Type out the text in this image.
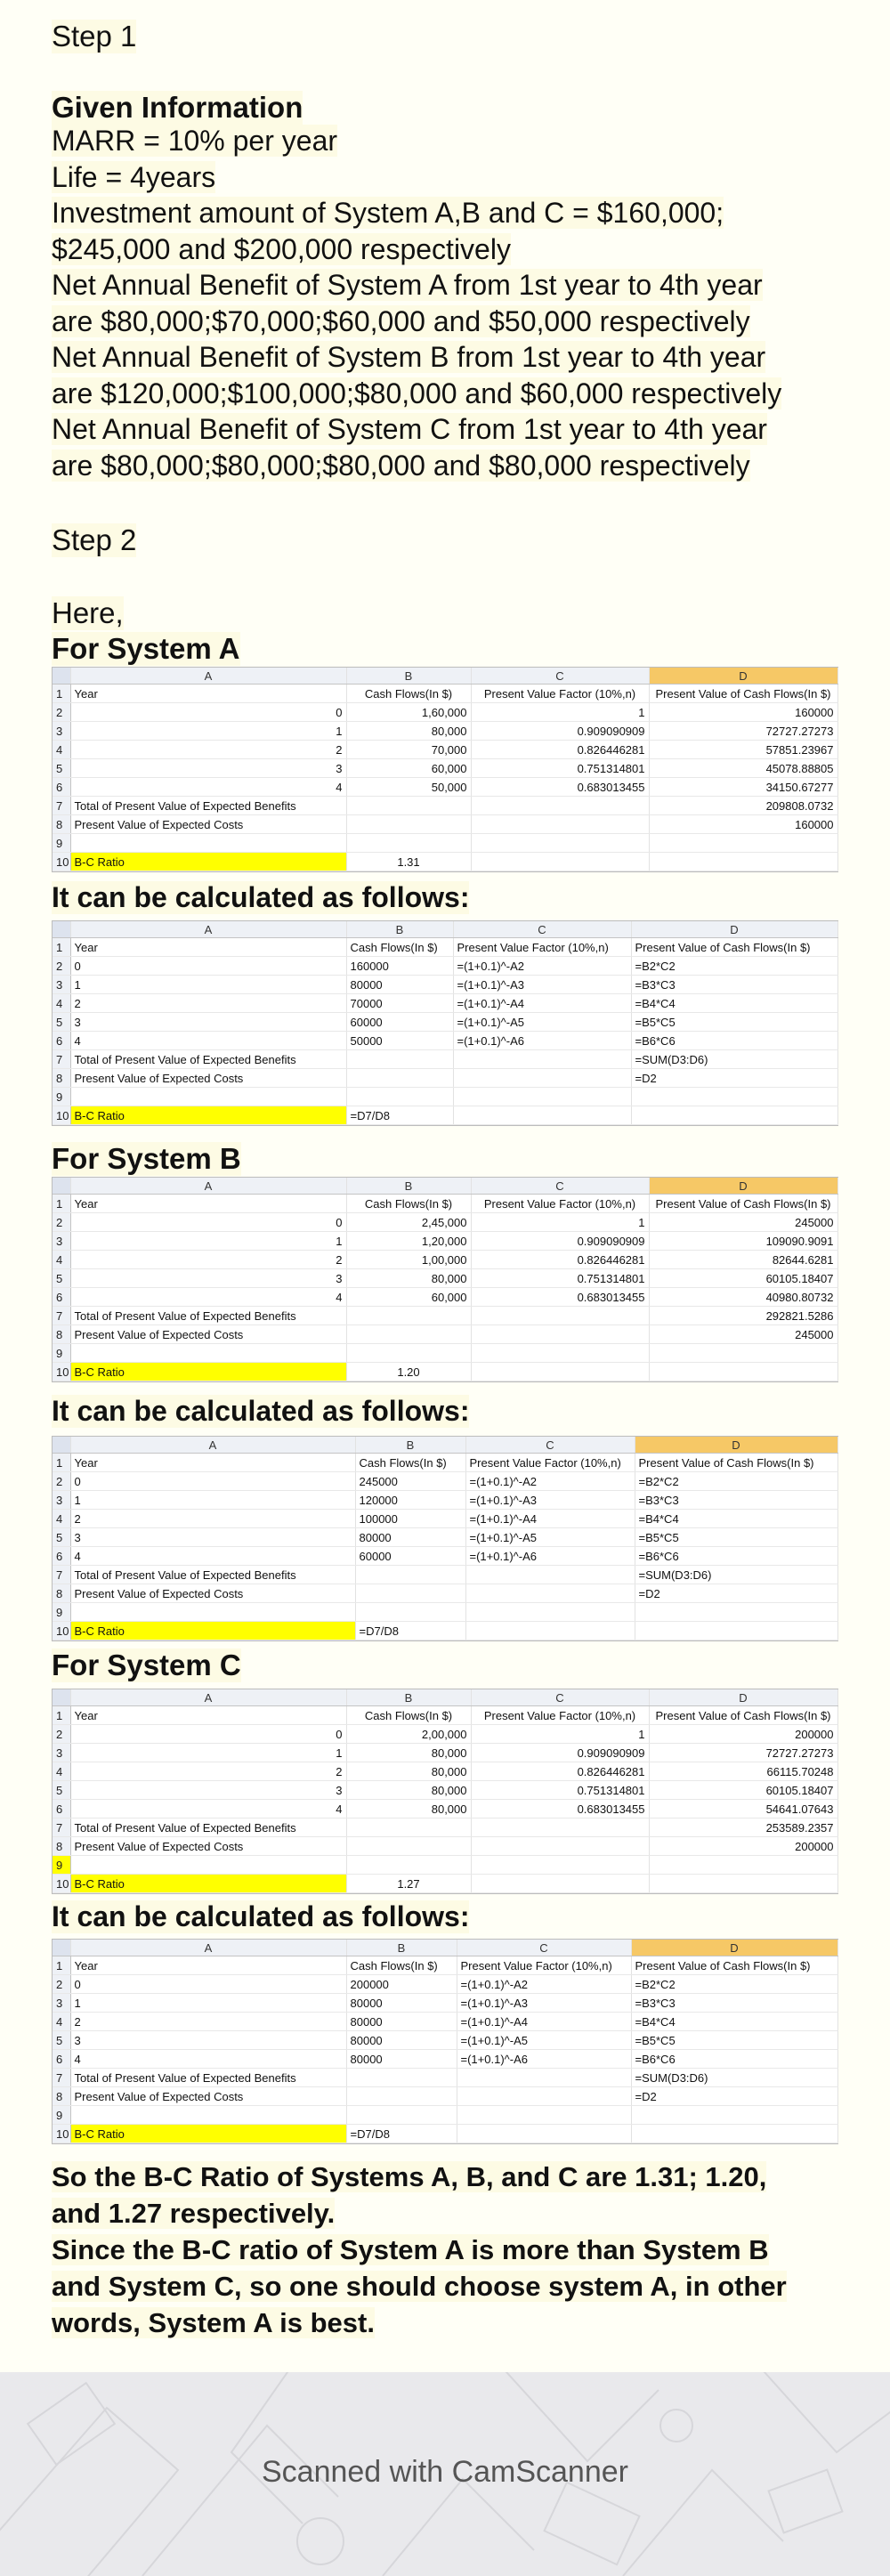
Step 1
Given Information
MARR = 10% per year
Life = 4years
Investment amount of System A,B and C = $160,000;
$245,000 and $200,000 respectively
Net Annual Benefit of System A from 1st year to 4th year
are $80,000;$70,000;$60,000 and $50,000 respectively
Net Annual Benefit of System B from 1st year to 4th year
are $120,000;$100,000;$80,000 and $60,000 respectively
Net Annual Benefit of System C from 1st year to 4th year
are $80,000;$80,000;$80,000 and $80,000 respectively
Step 2
Here,
For System A
	A	B	C	D
1	Year	Cash Flows(In $)	Present Value Factor (10%,n)	Present Value of Cash Flows(In $)
2	0	1,60,000	1	160000
3	1	80,000	0.909090909	72727.27273
4	2	70,000	0.826446281	57851.23967
5	3	60,000	0.751314801	45078.88805
6	4	50,000	0.683013455	34150.67277
7	Total of Present Value of Expected Benefits			209808.0732
8	Present Value of Expected Costs			160000
9				
10	B-C Ratio	1.31		
It can be calculated as follows:
	A	B	C	D
1	Year	Cash Flows(In $)	Present Value Factor (10%,n)	Present Value of Cash Flows(In $)
2	0	160000	=(1+0.1)^-A2	=B2*C2
3	1	80000	=(1+0.1)^-A3	=B3*C3
4	2	70000	=(1+0.1)^-A4	=B4*C4
5	3	60000	=(1+0.1)^-A5	=B5*C5
6	4	50000	=(1+0.1)^-A6	=B6*C6
7	Total of Present Value of Expected Benefits			=SUM(D3:D6)
8	Present Value of Expected Costs			=D2
9				
10	B-C Ratio	=D7/D8		
For System B
	A	B	C	D
1	Year	Cash Flows(In $)	Present Value Factor (10%,n)	Present Value of Cash Flows(In $)
2	0	2,45,000	1	245000
3	1	1,20,000	0.909090909	109090.9091
4	2	1,00,000	0.826446281	82644.6281
5	3	80,000	0.751314801	60105.18407
6	4	60,000	0.683013455	40980.80732
7	Total of Present Value of Expected Benefits			292821.5286
8	Present Value of Expected Costs			245000
9				
10	B-C Ratio	1.20		
It can be calculated as follows:
	A	B	C	D
1	Year	Cash Flows(In $)	Present Value Factor (10%,n)	Present Value of Cash Flows(In $)
2	0	245000	=(1+0.1)^-A2	=B2*C2
3	1	120000	=(1+0.1)^-A3	=B3*C3
4	2	100000	=(1+0.1)^-A4	=B4*C4
5	3	80000	=(1+0.1)^-A5	=B5*C5
6	4	60000	=(1+0.1)^-A6	=B6*C6
7	Total of Present Value of Expected Benefits			=SUM(D3:D6)
8	Present Value of Expected Costs			=D2
9				
10	B-C Ratio	=D7/D8		
For System C
	A	B	C	D
1	Year	Cash Flows(In $)	Present Value Factor (10%,n)	Present Value of Cash Flows(In $)
2	0	2,00,000	1	200000
3	1	80,000	0.909090909	72727.27273
4	2	80,000	0.826446281	66115.70248
5	3	80,000	0.751314801	60105.18407
6	4	80,000	0.683013455	54641.07643
7	Total of Present Value of Expected Benefits			253589.2357
8	Present Value of Expected Costs			200000
9				
10	B-C Ratio	1.27		
It can be calculated as follows:
	A	B	C	D
1	Year	Cash Flows(In $)	Present Value Factor (10%,n)	Present Value of Cash Flows(In $)
2	0	200000	=(1+0.1)^-A2	=B2*C2
3	1	80000	=(1+0.1)^-A3	=B3*C3
4	2	80000	=(1+0.1)^-A4	=B4*C4
5	3	80000	=(1+0.1)^-A5	=B5*C5
6	4	80000	=(1+0.1)^-A6	=B6*C6
7	Total of Present Value of Expected Benefits			=SUM(D3:D6)
8	Present Value of Expected Costs			=D2
9				
10	B-C Ratio	=D7/D8		
So the B-C Ratio of Systems A, B, and C are 1.31; 1.20,
and 1.27 respectively.
Since the B-C ratio of System A is more than System B
and System C, so one should choose system A, in other
words, System A is best.
Scanned with CamScanner
